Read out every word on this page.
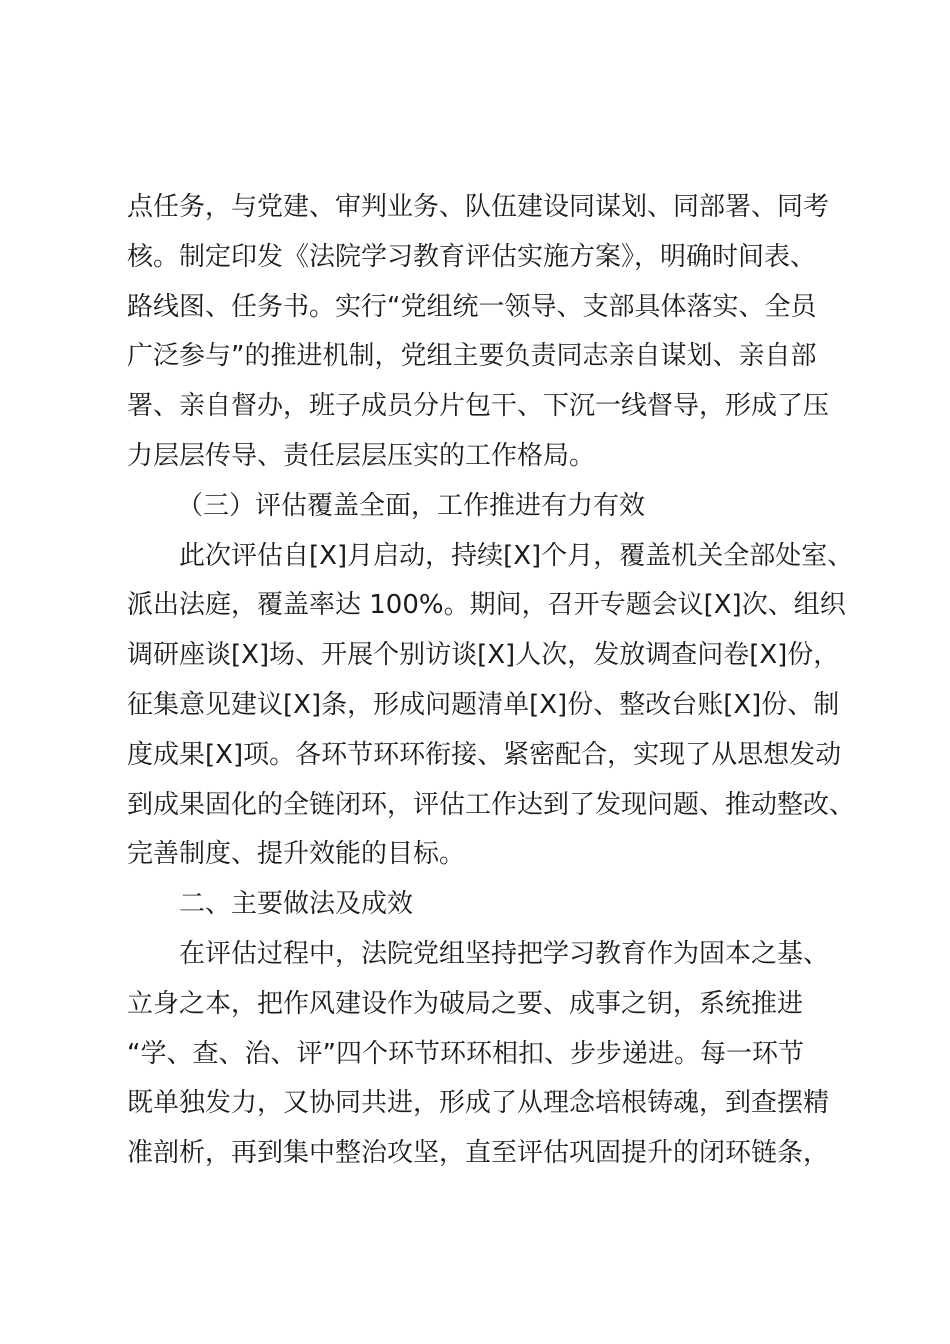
点任务，与党建、审判业务、队伍建设同谋划、同部署、同考
核。制定印发《法院学习教育评估实施方案》，明确时间表、
路线图、任务书。实行“党组统一领导、支部具体落实、全员
广泛参与”的推进机制，党组主要负责同志亲自谋划、亲自部
署、亲自督办，班子成员分片包干、下沉一线督导，形成了压
力层层传导、责任层层压实的工作格局。
（三）评估覆盖全面，工作推进有力有效
此次评估自[X]月启动，持续[X]个月，覆盖机关全部处室、
派出法庭，覆盖率达 100%。期间，召开专题会议[X]次、组织
调研座谈[X]场、开展个别访谈[X]人次，发放调查问卷[X]份，
征集意见建议[X]条，形成问题清单[X]份、整改台账[X]份、制
度成果[X]项。各环节环环衔接、紧密配合，实现了从思想发动
到成果固化的全链闭环，评估工作达到了发现问题、推动整改、
完善制度、提升效能的目标。
二、主要做法及成效
在评估过程中，法院党组坚持把学习教育作为固本之基、
立身之本，把作风建设作为破局之要、成事之钥，系统推进
“学、查、治、评”四个环节环环相扣、步步递进。每一环节
既单独发力，又协同共进，形成了从理念培根铸魂，到查摆精
准剖析，再到集中整治攻坚，直至评估巩固提升的闭环链条，
